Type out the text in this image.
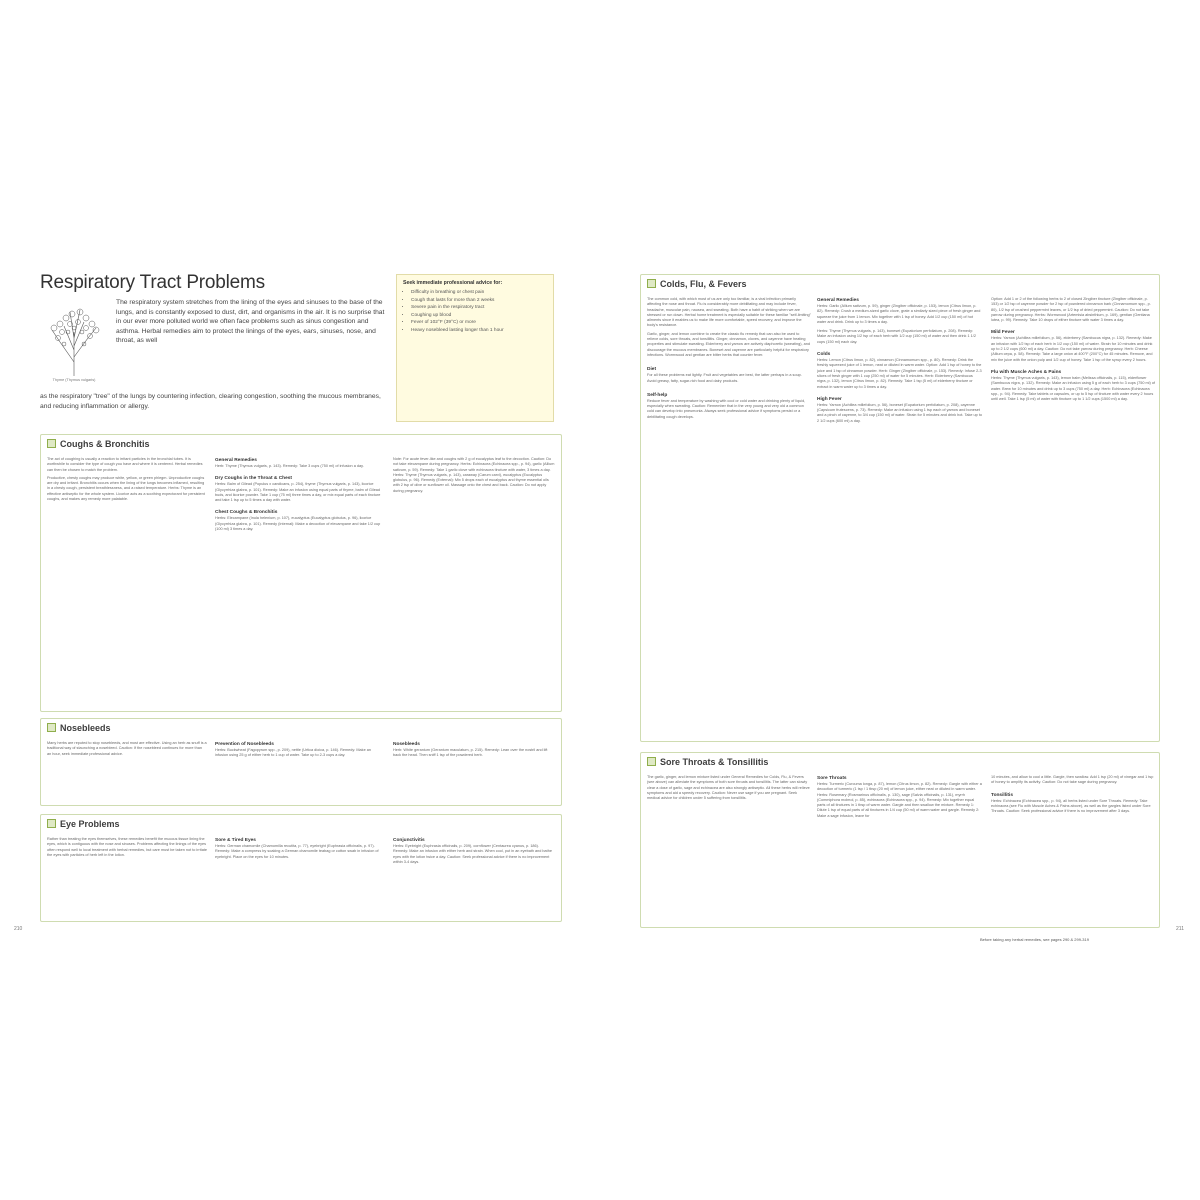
Respiratory Tract Problems
Thyme (Thymus vulgaris)
The respiratory system stretches from the lining of the eyes and sinuses to the base of the lungs, and is constantly exposed to dust, dirt, and organisms in the air. It is no surprise that in our ever more polluted world we often face problems such as sinus congestion and asthma. Herbal remedies aim to protect the linings of the eyes, ears, sinuses, nose, and throat, as well
as the respiratory "tree" of the lungs by countering infection, clearing congestion, soothing the mucous membranes, and reducing inflammation or allergy.
Seek immediate professional advice for:
• Difficulty in breathing or chest pain
• Cough that lasts for more than 2 weeks
• Severe pain in the respiratory tract
• Coughing up blood
• Fever of 102°F (39°C) or more
• Heavy nosebleed lasting longer than 1 hour
Coughs & Bronchitis
The act of coughing is usually a reaction to irritant particles in the bronchial tubes. It is worthwhile to consider the type of cough you have and where it is centered. Herbal remedies can then be chosen to match the problem.
Productive, chesty coughs may produce white, yellow, or green phlegm. Unproductive coughs are dry and irritant. Bronchitis occurs when the lining of the lungs becomes inflamed, resulting in a chesty cough, persistent breathlessness, and a raised temperature. Herbs: Thyme is an effective antiseptic for the whole system. Licorice acts as a soothing expectorant for persistent coughs, and makes any remedy more palatable.
General Remedies
Herb: Thyme (Thymus vulgaris, p. 143). Remedy: Take 3 cups (750 ml) of infusion a day.
Dry Coughs in the Throat & Chest
Herbs: Balm of Gilead (Populus x candicans, p. 254), thyme (Thymus vulgaris, p. 143), licorice (Glycyrrhiza glabra, p. 101). Remedy: Make an infusion using equal parts of thyme, balm of Gilead buds, and licorice powder. Take 1 cup (75 ml) three times a day, or mix equal parts of each tincture and take 1 tsp up to 5 times a day with water.
Chest Coughs & Bronchitis
Herbs: Elecampane (Inula helenium, p. 107), eucalyptus (Eucalyptus globulus, p. 96), licorice (Glycyrrhiza glabra, p. 101). Remedy (Internal): Make a decoction of elecampane and take 1/2 cup (100 ml) 3 times a day.
Note: For acute fever-like and coughs with 2 g of eucalyptus leaf to the decoction. Caution: Do not take elecampane during pregnancy. Herbs: Echinacea (Echinacea spp., p. 94), garlic (Allium sativum, p. 59). Remedy: Take 1 garlic clove with echinacea tincture with water, 3 times a day. Herbs: Thyme (Thymus vulgaris, p. 143), caraway (Carum carvi), eucalyptus (Eucalyptus globulus, p. 96). Remedy (External): Mix 5 drops each of eucalyptus and thyme essential oils with 2 tsp of olive or sunflower oil. Massage onto the chest and back. Caution: Do not apply during pregnancy.
Nosebleeds
Many herbs are reputed to stop nosebleeds, and most are effective. Using an herb as snuff is a traditional way of staunching a nosebleed. Caution: If the nosebleed continues for more than an hour, seek immediate professional advice.
Prevention of Nosebleeds
Herbs: Buckwheat (Fagopyrum spp., p. 209), nettle (Urtica dioica, p. 146). Remedy: Make an infusion using 25 g of either herb to 1 cup of water. Take up to 2-3 cups a day.
Nosebleeds
Herb: White geranium (Geranium maculatum, p. 215). Remedy: Lean over the nostril and lift back the head. Then sniff 1 tsp of the powdered herb.
Eye Problems
Rather than treating the eyes themselves, these remedies benefit the mucous tissue lining the eyes, which is contiguous with the nose and sinuses. Problems affecting the linings of the eyes often respond well to local treatment with herbal remedies, but care must be taken not to irritate the eyes with particles of herb left in the lotion.
Sore & Tired Eyes
Herbs: German chamomile (Chamomilla recutita, p. 77), eyebright (Euphrasia officinalis, p. 97). Remedy: Make a compress by soaking a German chamomile teabag or cotton swab in infusion of eyebright. Place on the eyes for 10 minutes.
Conjunctivitis
Herbs: Eyebright (Euphrasia officinalis, p. 209), cornflower (Centaurea cyanus, p. 186). Remedy: Make an infusion with either herb and strain. When cool, put in an eyebath and bathe eyes with the lotion twice a day. Caution: Seek professional advice if there is no improvement within 3-4 days.
210
Colds, Flu, & Fevers
The common cold, with which most of us are only too familiar, is a viral infection primarily affecting the nose and throat. Flu is considerably more debilitating and may include fever, headache, muscular pain, nausea, and sweating. Both have a habit of striking when we are stressed or run down. Herbal home treatment is especially suitable for these familiar "self-limiting" ailments since it enables us to make life more comfortable, speed recovery, and improve the body's resistance.
Garlic, ginger, and lemon combine to create the classic flu remedy that can also be used to relieve colds, sore throats, and tonsillitis. Ginger, cinnamon, cloves, and cayenne have heating properties and stimulate sweating. Elderberry and yarrow are actively diaphoretic (sweating), and discourage the mucous membranes. Boneset and cayenne are particularly helpful for respiratory infections. Wormwood and gentian are bitter herbs that counter fever.
Diet
For all these problems eat lightly. Fruit and vegetables are best, the latter perhaps in a soup. Avoid greasy, fatty, sugar-rich food and dairy products.
Self-help
Reduce fever and temperature by washing with cool or cold water and drinking plenty of liquid, especially when sweating. Caution: Remember that in the very young and very old a common cold can develop into pneumonia. Always seek professional advice if symptoms persist or a debilitating cough develops.
General Remedies
Herbs: Garlic (Allium sativum, p. 59), ginger (Zingiber officinale, p. 153), lemon (Citrus limon, p. 82). Remedy: Crush a medium-sized garlic clove, grate a similarly sized piece of fresh ginger and squeeze the juice from 1 lemon. Mix together with 1 tsp of honey. Add 1/2 cup (150 ml) of hot water and drink. Drink up to 3 times a day.
Herbs: Thyme (Thymus vulgaris, p. 143), boneset (Eupatorium perfoliatum, p. 208). Remedy: Make an infusion using 1/2 tsp of each herb with 1/2 cup (150 ml) of water and then drink 1 1/2 cups (150 ml) each day.
Colds
Herbs: Lemon (Citrus limon, p. 82), cinnamon (Cinnamomum spp., p. 80). Remedy: Drink the freshly squeezed juice of 1 lemon, neat or diluted in warm water. Option: Add 1 tsp of honey to the juice and 1 tsp of cinnamon powder. Herb: Ginger (Zingiber officinale, p. 153). Remedy: Infuse 2-3 slices of fresh ginger with 1 cup (250 ml) of water for 5 minutes. Herb: Elderberry (Sambucus nigra, p. 132), lemon (Citrus limon, p. 82). Remedy: Take 1 tsp (5 ml) of elderberry tincture or extract in warm water up to 3 times a day.
High Fever
Herbs: Yarrow (Achillea millefolium, p. 56), boneset (Eupatorium perfoliatum, p. 208), cayenne (Capsicum frutescens, p. 73). Remedy: Make an infusion using 1 tsp each of yarrow and boneset and a pinch of cayenne, to 3/4 cup (150 ml) of water. Strain for 5 minutes and drink hot. Take up to 2 1/2 cups (600 ml) a day.
Option: Add 1 or 2 of the following herbs to 2 of closed Zingiber tincture (Zingiber officinale, p. 153) or 1/2 tsp of cayenne powder for 2 tsp of powdered cinnamon bark (Cinnamomum spp., p. 80), 1/2 tsp of crushed peppermint leaves, or 1/2 tsp of dried peppermint. Caution: Do not take yarrow during pregnancy. Herbs: Wormwood (Artemisia absinthium, p. 169), gentian (Gentiana lutea, p. 99). Remedy: Take 10 drops of either tincture with water 3 times a day.
Mild Fever
Herbs: Yarrow (Achillea millefolium, p. 56), elderberry (Sambucus nigra, p. 132). Remedy: Make an infusion with 1/2 tsp of each herb in 1/2 cup (150 ml) of water. Strain for 10 minutes and drink up to 2 1/2 cups (600 ml) a day. Caution: Do not take yarrow during pregnancy. Herb: Cheese (Allium cepa, p. 58). Remedy: Take a large onion at 400°F (200°C) for 45 minutes. Remove, and mix the juice with the onion pulp and 1/2 cup of honey. Take 1 tsp of the syrup every 2 hours.
Flu with Muscle Aches & Pains
Herbs: Thyme (Thymus vulgaris, p. 143), lemon balm (Melissa officinalis, p. 115), elderflower (Sambucus nigra, p. 132). Remedy: Make an infusion using 5 g of each herb to 3 cups (750 ml) of water. Brew for 10 minutes and drink up to 3 cups (750 ml) a day. Herb: Echinacea (Echinacea spp., p. 94). Remedy: Take tablets or capsules, or up to 5 tsp of tincture with water every 2 hours until well. Take 1 tsp (5 ml) of water with tincture up to 1 1/2 cups (1500 ml) a day.
Sore Throats & Tonsillitis
The garlic, ginger, and lemon mixture listed under General Remedies for Colds, Flu, & Fevers (see above) can alleviate the symptoms of both sore throats and tonsillitis. The latter can slowly clear a dose of garlic, sage and echinacea are also strongly antiseptic. All these herbs will relieve symptoms and aid a speedy recovery. Caution: Never use sage if you are pregnant. Seek medical advice for children under 5 suffering from tonsillitis.
Sore Throats
Herbs: Turmeric (Curcuma longa, p. 87), lemon (Citrus limon, p. 82). Remedy: Gargle with either a decoction of turmeric (1 tsp / 1 tbsp (20 ml) of lemon juice, either neat or diluted in warm water. Herbs: Rosemary (Rosmarinus officinalis, p. 130), sage (Salvia officinalis, p. 131), myrrh (Commiphora molmol, p. 85), echinacea (Echinacea spp., p. 94). Remedy: Mix together equal parts of all tinctures in 1 tbsp of warm water. Gargle and then swallow the mixture. Remedy 1: Dilute 1 tsp of equal parts of all tinctures in 1/4 cup (50 ml) of warm water and gargle. Remedy 2: Make a sage infusion, leave for
10 minutes, and allow to cool a little. Gargle, then swallow. Add 1 tsp (20 ml) of vinegar and 1 tsp of honey to amplify its activity. Caution: Do not take sage during pregnancy.
Tonsillitis
Herbs: Echinacea (Echinacea spp., p. 94), all herbs listed under Sore Throats. Remedy: Take echinacea (see Flu with Muscle Aches & Pains above), as well as the gargles listed under Sore Throats. Caution: Seek professional advice if there is no improvement after 3 days.
Before taking any herbal remedies, see pages 290 & 299-319
211
